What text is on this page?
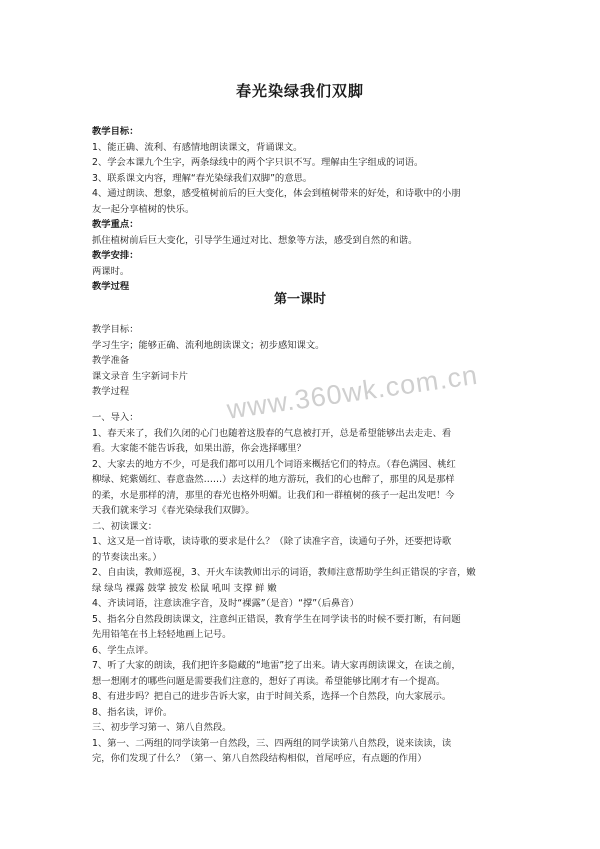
春光染绿我们双脚

教学目标：

1、能正确、流利、有感情地朗读课文，背诵课文。

2、学会本课九个生字，两条绿线中的两个字只识不写。理解由生字组成的词语。

3、联系课文内容，理解“春光染绿我们双脚”的意思。

4、通过朗读、想象，感受植树前后的巨大变化，体会到植树带来的好处，和诗歌中的小朋

友一起分享植树的快乐。

教学重点：

抓住植树前后巨大变化，引导学生通过对比、想象等方法，感受到自然的和谐。

教学安排：

两课时。

教学过程

第一课时

教学目标：

学习生字；能够正确、流利地朗读课文；初步感知课文。

教学准备

课文录音 生字新词卡片

教学过程

一、导入：

1、春天来了，我们久闭的心门也随着这股春的气息被打开，总是希望能够出去走走、看

看。大家能不能告诉我，如果出游，你会选择哪里？

2、大家去的地方不少，可是我们都可以用几个词语来概括它们的特点。（春色满园、桃红

柳绿、姹紫嫣红、春意盎然……）去这样的地方游玩，我们的心也醉了，那里的风是那样

的柔，水是那样的清，那里的春光也格外明媚。让我们和一群植树的孩子一起出发吧！今

天我们就来学习《春光染绿我们双脚》。

二、初读课文：

1、这又是一首诗歌，读诗歌的要求是什么？（除了读准字音，读通句子外，还要把诗歌

的节奏读出来。）

2、自由读，教师巡视，3、开火车读教师出示的词语，教师注意帮助学生纠正错误的字音，嫩

绿 绿鸟 裸露 鼓掌 披发 松鼠 吼叫 支撑 鲜 嫩

4、齐读词语，注意读准字音，及时“裸露”（是音）“撑”（后鼻音）

5、指名分自然段朗读课文，注意纠正错误，教育学生在同学读书的时候不要打断，有问题

先用铅笔在书上轻轻地画上记号。

6、学生点评。

7、听了大家的朗读，我们把许多隐藏的“地雷”挖了出来。请大家再朗读课文，在读之前，

想一想刚才的哪些问题是需要我们注意的，想好了再读。希望能够比刚才有一个提高。

8、有进步吗？把自己的进步告诉大家，由于时间关系，选择一个自然段，向大家展示。

8、指名读，评价。

三、初步学习第一、第八自然段。

1、第一、二两组的同学读第一自然段，三、四两组的同学读第八自然段，说来读读，读

完，你们发现了什么？（第一、第八自然段结构相似，首尾呼应，有点题的作用）

www.360wk.com.cn
